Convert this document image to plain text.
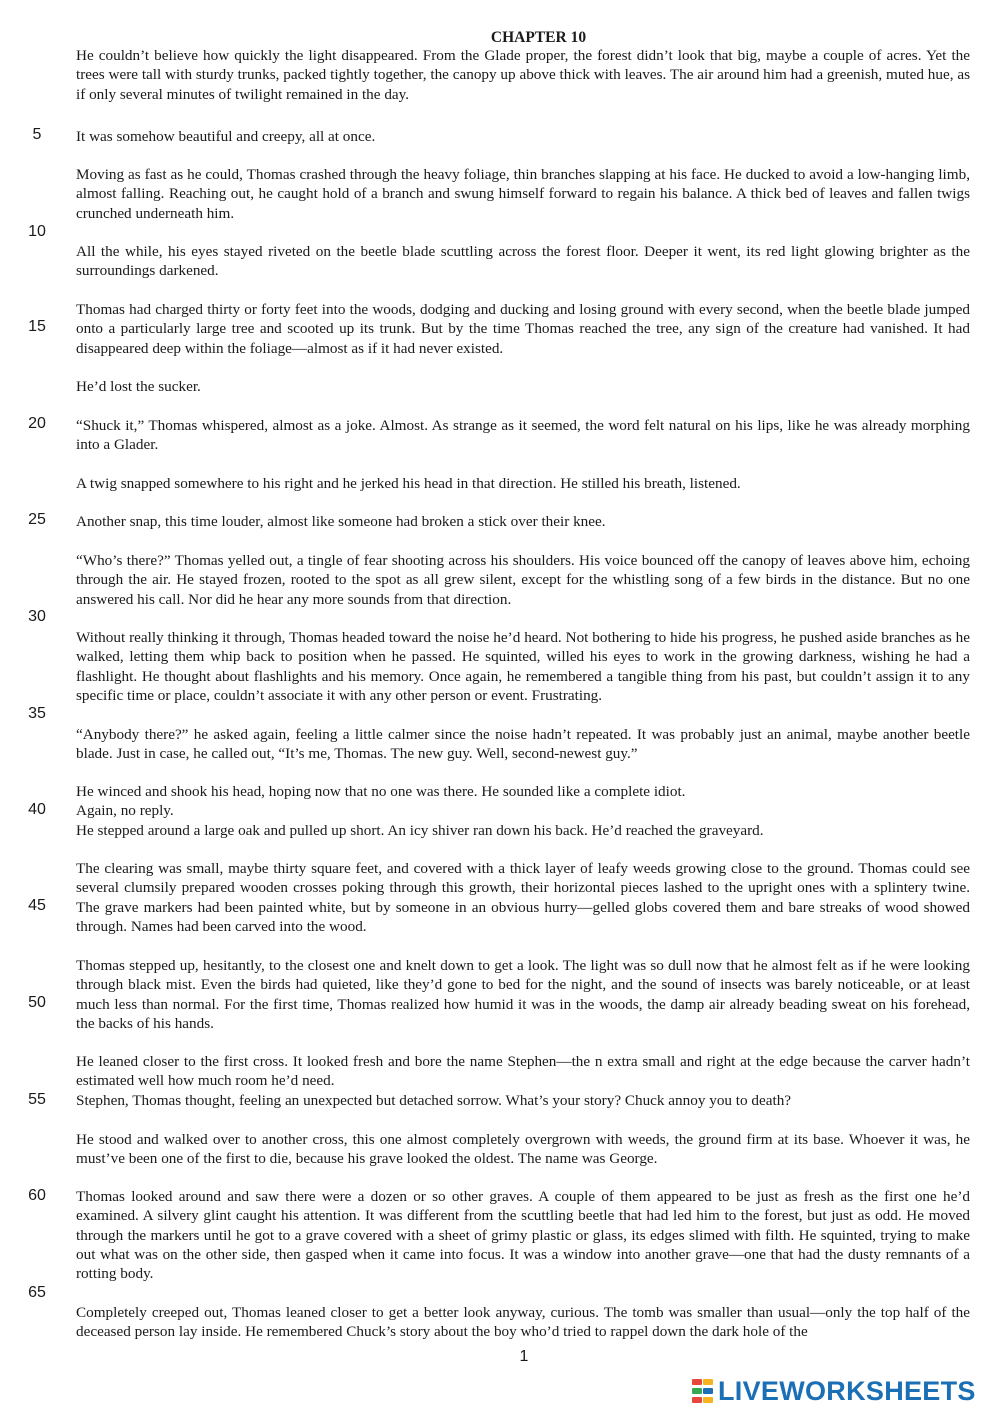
CHAPTER 10

He couldn’t believe how quickly the light disappeared. From the Glade proper, the forest didn’t look that big, maybe a couple of acres. Yet the trees were tall with sturdy trunks, packed tightly together, the canopy up above thick with leaves. The air around him had a greenish, muted hue, as if only several minutes of twilight remained in the day.

It was somehow beautiful and creepy, all at once.

Moving as fast as he could, Thomas crashed through the heavy foliage, thin branches slapping at his face. He ducked to avoid a low-hanging limb, almost falling. Reaching out, he caught hold of a branch and swung himself forward to regain his balance. A thick bed of leaves and fallen twigs crunched underneath him.

All the while, his eyes stayed riveted on the beetle blade scuttling across the forest floor. Deeper it went, its red light glowing brighter as the surroundings darkened.

Thomas had charged thirty or forty feet into the woods, dodging and ducking and losing ground with every second, when the beetle blade jumped onto a particularly large tree and scooted up its trunk. But by the time Thomas reached the tree, any sign of the creature had vanished. It had disappeared deep within the foliage—almost as if it had never existed.

He’d lost the sucker.

“Shuck it,” Thomas whispered, almost as a joke. Almost. As strange as it seemed, the word felt natural on his lips, like he was already morphing into a Glader.

A twig snapped somewhere to his right and he jerked his head in that direction. He stilled his breath, listened.

Another snap, this time louder, almost like someone had broken a stick over their knee.

“Who’s there?” Thomas yelled out, a tingle of fear shooting across his shoulders. His voice bounced off the canopy of leaves above him, echoing through the air. He stayed frozen, rooted to the spot as all grew silent, except for the whistling song of a few birds in the distance. But no one answered his call. Nor did he hear any more sounds from that direction.

Without really thinking it through, Thomas headed toward the noise he’d heard. Not bothering to hide his progress, he pushed aside branches as he walked, letting them whip back to position when he passed. He squinted, willed his eyes to work in the growing darkness, wishing he had a flashlight. He thought about flashlights and his memory. Once again, he remembered a tangible thing from his past, but couldn’t assign it to any specific time or place, couldn’t associate it with any other person or event. Frustrating.

“Anybody there?” he asked again, feeling a little calmer since the noise hadn’t repeated. It was probably just an animal, maybe another beetle blade. Just in case, he called out, “It’s me, Thomas. The new guy. Well, second-newest guy.”

He winced and shook his head, hoping now that no one was there. He sounded like a complete idiot.

Again, no reply.

He stepped around a large oak and pulled up short. An icy shiver ran down his back. He’d reached the graveyard.

The clearing was small, maybe thirty square feet, and covered with a thick layer of leafy weeds growing close to the ground. Thomas could see several clumsily prepared wooden crosses poking through this growth, their horizontal pieces lashed to the upright ones with a splintery twine. The grave markers had been painted white, but by someone in an obvious hurry—gelled globs covered them and bare streaks of wood showed through. Names had been carved into the wood.

Thomas stepped up, hesitantly, to the closest one and knelt down to get a look. The light was so dull now that he almost felt as if he were looking through black mist. Even the birds had quieted, like they’d gone to bed for the night, and the sound of insects was barely noticeable, or at least much less than normal. For the first time, Thomas realized how humid it was in the woods, the damp air already beading sweat on his forehead, the backs of his hands.

He leaned closer to the first cross. It looked fresh and bore the name Stephen—the n extra small and right at the edge because the carver hadn’t estimated well how much room he’d need.

Stephen, Thomas thought, feeling an unexpected but detached sorrow. What’s your story? Chuck annoy you to death?

He stood and walked over to another cross, this one almost completely overgrown with weeds, the ground firm at its base. Whoever it was, he must’ve been one of the first to die, because his grave looked the oldest. The name was George.

Thomas looked around and saw there were a dozen or so other graves. A couple of them appeared to be just as fresh as the first one he’d examined. A silvery glint caught his attention. It was different from the scuttling beetle that had led him to the forest, but just as odd. He moved through the markers until he got to a grave covered with a sheet of grimy plastic or glass, its edges slimed with filth. He squinted, trying to make out what was on the other side, then gasped when it came into focus. It was a window into another grave—one that had the dusty remnants of a rotting body.

Completely creeped out, Thomas leaned closer to get a better look anyway, curious. The tomb was smaller than usual—only the top half of the deceased person lay inside. He remembered Chuck’s story about the boy who’d tried to rappel down the dark hole of the

5
10
15
20
25
30
35
40
45
50
55
60
65
1
LIVEWORKSHEETS
